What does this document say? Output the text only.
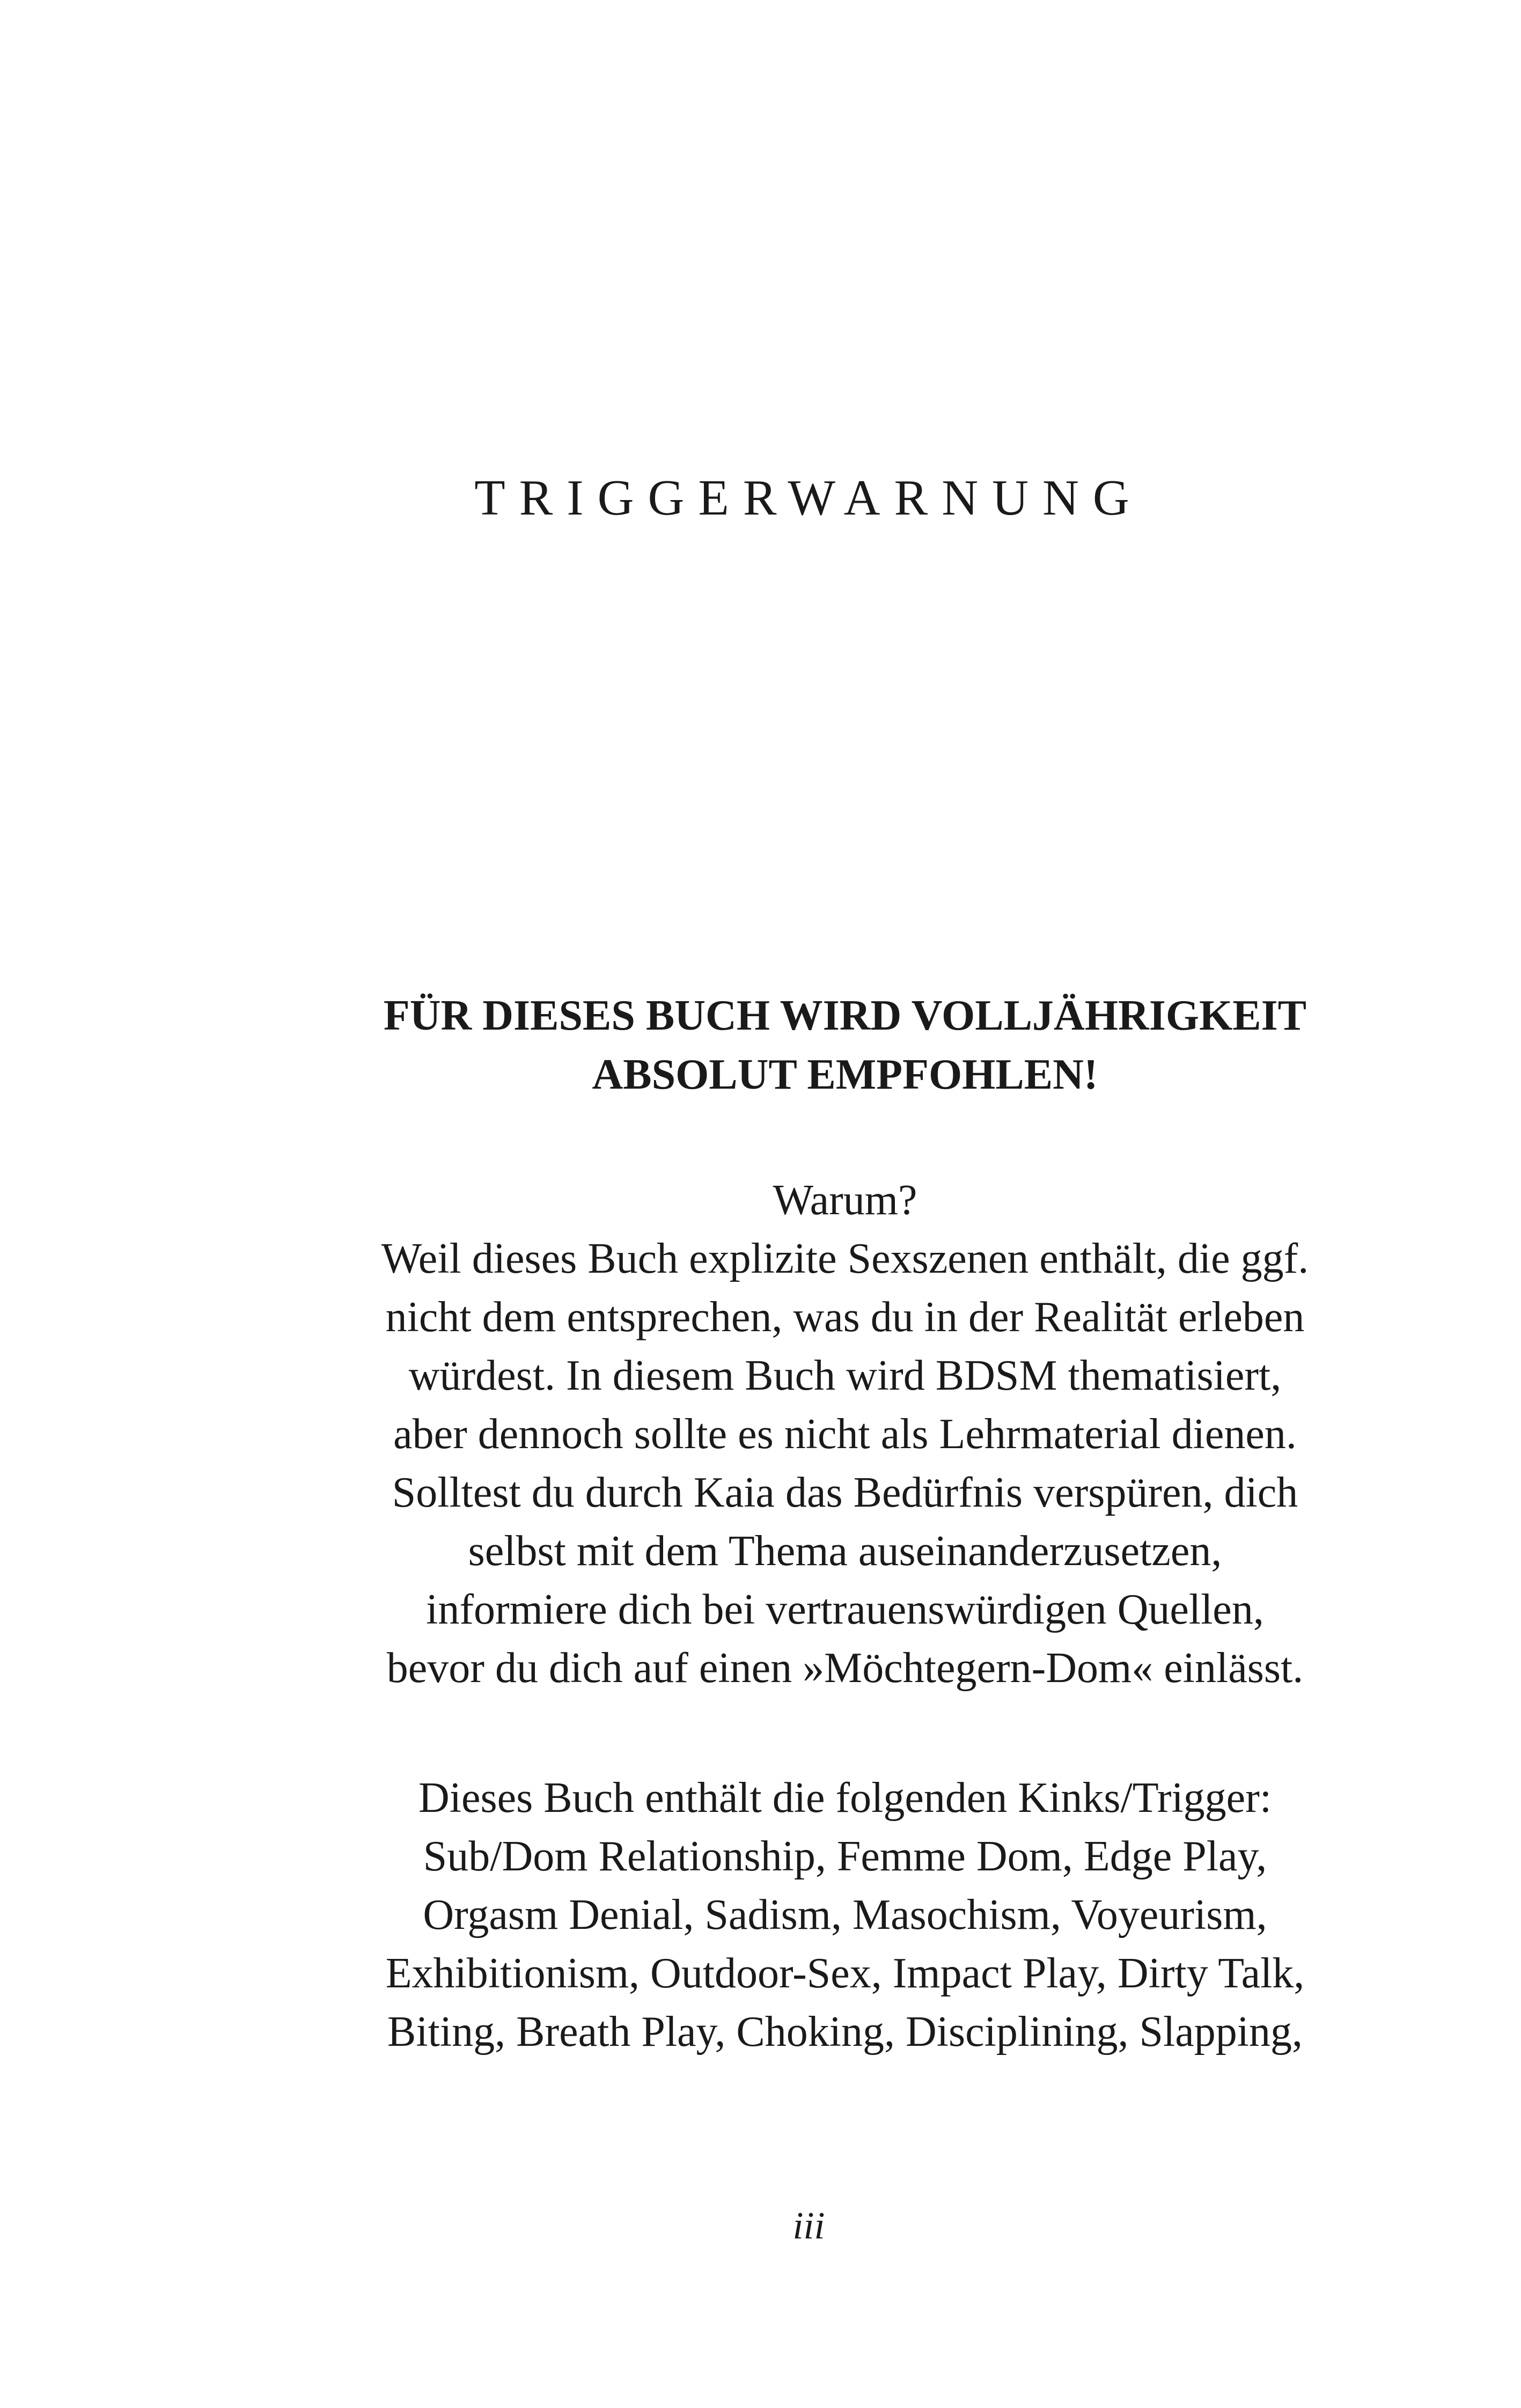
TRIGGERWARNUNG
FÜR DIESES BUCH WIRD VOLLJÄHRIGKEIT
ABSOLUT EMPFOHLEN!
Warum?
Weil dieses Buch explizite Sexszenen enthält, die ggf.
nicht dem entsprechen, was du in der Realität erleben
würdest. In diesem Buch wird BDSM thematisiert,
aber dennoch sollte es nicht als Lehrmaterial dienen.
Solltest du durch Kaia das Bedürfnis verspüren, dich
selbst mit dem Thema auseinanderzusetzen,
informiere dich bei vertrauenswürdigen Quellen,
bevor du dich auf einen »Möchtegern-Dom« einlässt.
Dieses Buch enthält die folgenden Kinks/Trigger:
Sub/Dom Relationship, Femme Dom, Edge Play,
Orgasm Denial, Sadism, Masochism, Voyeurism,
Exhibitionism, Outdoor-Sex, Impact Play, Dirty Talk,
Biting, Breath Play, Choking, Disciplining, Slapping,
iii
